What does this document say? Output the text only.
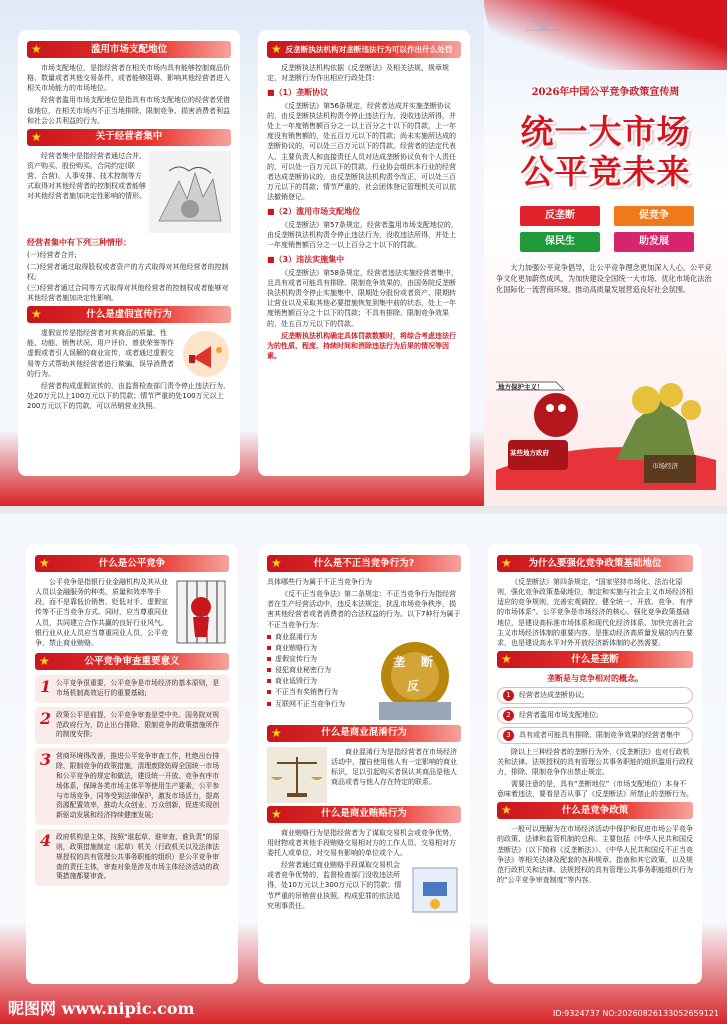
★	滥用市场支配地位

市场支配地位，是指经营者在相关市场内具有能够控制商品价格、数量或者其他交易条件，或者能够阻碍、影响其他经营者进入相关市场能力的市场地位。

经营者滥用市场支配地位是指具有市场支配地位的经营者凭借该地位，在相关市场内不正当地排除、限制竞争、损害消费者利益和社会公共利益的行为。

★	关于经营者集中

经营者集中是指经营者通过合并、资产购买、股份购买、合同约定(联营、合营)、人事安排、技术控制等方式取得对其他经营者的控制权或者能够对其他经营者施加决定性影响的情形。

经营者集中有下列三种情形：
(一)经营者合并;
(二)经营者通过取得股权或者资产的方式取得对其他经营者的控制权;
(三)经营者通过合同等方式取得对其他经营者的控制权或者能够对其他经营者施加决定性影响。
★	什么是虚假宣传行为

虚假宣传是指经营者对其商品的质量、性能、功能、销售状况、用户评价、曾获荣誉等作虚假或者引人误解的商业宣传，或者通过虚假交易等方式帮助其他经营者进行欺骗、误导消费者的行为。

经营者构成虚假宣传的，由监督检查部门责令停止违法行为，处20万元以上100万元以下的罚款；情节严重的处100万元以上200万元以下的罚款，可以吊销营业执照。

★ 反垄断执法机构对垄断违法行为可以作出什么处罚

反垄断执法机构依据《反垄断法》及相关法规、规章规定，对垄断行为作出相应行政处罚：

■（1）垄断协议

《反垄断法》第56条规定，经营者达成并实施垄断协议的，由反垄断执法机构责令停止违法行为，没收违法所得，并处上一年度销售额百分之一以上百分之十以下的罚款，上一年度没有销售额的，处五百万元以下的罚款；尚未实施所达成的垄断协议的，可以处三百万元以下的罚款。经营者的法定代表人、主要负责人和直接责任人员对达成垄断协议负有个人责任的，可以处一百万元以下的罚款。行业协会组织本行业的经营者达成垄断协议的，由反垄断执法机构责令改正，可以处三百万元以下的罚款；情节严重的，社会团体登记管理机关可以依法撤销登记。

■（2）滥用市场支配地位

《反垄断法》第57条规定，经营者滥用市场支配地位的，由反垄断执法机构责令停止违法行为，没收违法所得，并处上一年度销售额百分之一以上百分之十以下的罚款。

■（3）违法实施集中

《反垄断法》第58条规定，经营者违法实施经营者集中，且具有或者可能具有排除、限制竞争效果的，由国务院反垄断执法机构责令停止实施集中、限期处分股份或者资产、限期转让营业以及采取其他必要措施恢复到集中前的状态，处上一年度销售额百分之十以下的罚款；不具有排除、限制竞争效果的，处五百万元以下的罚款。

反垄断执法机构确定具体罚款数额时，将综合考虑违法行为的性质、程度、持续时间和消除违法行为后果的情况等因素。

2026年中国公平竞争政策宣传周
统一大市场
公平竞未来
反垄断	促竞争
保民生	助发展
大力加强公平竞争倡导，让公平竞争理念更加深入人心，公平竞争文化更加蔚然成风，为加快建设全国统一大市场、优化市场化法治化国际化一流营商环境、推动高质量发展营造良好社会氛围。
地方保护主义！
某些地方政府
市场经济
★	什么是公平竞争

公平竞争是指银行业金融机构及其从业人员以金融服务的种类、质量和效率等手段，而不是靠低价销售、贬低对手、虚假宣传等不正当竞争方式。同时，应当尊重同业人员，共同建立合作共赢的良好行业风气。银行业从业人员应当尊重同业人员，公平竞争，禁止商业贿赂。

★	公平竞争审查重要意义
1 公平竞争很重要，公平竞争是市场经济的基本原则，是市场机制高效运行的重要基础;
2 政策公平是前提，公平竞争审查是党中央、国务院对规范政府行为，防止出台排除、限制竞争的政策措施所作的制度安排;
3 营商环境得改善，推进公平竞争审查工作，杜绝出台排除、限制竞争的政策措施，清理废除妨碍全国统一市场和公平竞争的规定和做法，建设统一开放、竞争有序市场体系，保障各类市场主体平等使用生产要素，公平参与市场竞争，同等受到法律保护，激发市场活力，提高资源配置效率，推动大众创业、万众创新，促进实现创新驱动发展和经济持续健康发展;
4 政府机构是主体，按照“谁起草、谁审查、谁负责”的原则，政策措施制定（起草）机关（行政机关以及法律法规授权的具有管理公共事务职能的组织）是公平竞争审查的责任主体，审查对象是涉及市场主体经济活动的政策措施都要审查。
★	什么是不正当竞争行为?

具体哪些行为属于不正当竞争行为

《反不正当竞争法》第二条规定：不正当竞争行为指经营者在生产经营活动中，违反本法规定，扰乱市场竞争秩序，损害其他经营者或者消费者的合法权益的行为。以下7种行为属于不正当竞争行为：

商业混淆行为
商业贿赂行为
虚假宣传行为
侵犯商业秘密行为
商业诋毁行为
不正当有奖销售行为
互联网不正当竞争行为
垄 断
反
★	什么是商业混淆行为

商业混淆行为是指经营者在市场经济活动中，擅自使用他人有一定影响的商业标识，足以引起购买者误认其商品是他人商品或者与他人存在特定的联系。

★	什么是商业贿赂行为

商业贿赂行为是指经营者为了谋取交易机会或竞争优势，用财物或者其他手段贿赂交易相对方的工作人员、交易相对方委托人或单位、对交易有影响的单位或个人。

经营者通过商业贿赂手段谋取交易机会或者竞争优势的，监督检查部门没收违法所得，处10万元以上300万元以下的罚款；情节严重的吊销营业执照。构成犯罪的依法追究刑事责任。

★ 为什么要强化竞争政策基础地位

《反垄断法》第四条规定，“国家坚持市场化、法治化原则，强化竞争政策基础地位，制定和实施与社会主义市场经济相适应的竞争规则，完善宏观调控，健全统一、开放、竞争、有序的市场体系”。公平竞争是市场经济的核心。强化竞争政策基础地位，是建设高标准市场体系和现代化经济体系、加快完善社会主义市场经济体制的重要内容，是推动经济高质量发展的内在要求，也是建设高水平对外开放经济新体制的必然需要。

★	什么是垄断
垄断是与竞争相对的概念。
1	经营者达成垄断协议;
2	经营者滥用市场支配地位;
3	具有或者可能具有排除、限制竞争效果的经营者集中

除以上三种经营者的垄断行为外，《反垄断法》也对行政机关和法律、法规授权的具有管理公共事务职能的组织滥用行政权力，排除、限制竞争作出禁止规定。

需要注意的是，具有“垄断地位”（市场支配地位）本身不意味着违法，要看是否从事了《反垄断法》所禁止的垄断行为。

★	什么是竞争政策

一般可以理解为在市场经济活动中保护和促进市场公平竞争的政策、法律和监管机制的总称。主要包括《中华人民共和国反垄断法》（以下简称《反垄断法》）、《中华人民共和国反不正当竞争法》等相关法律及配套的各种规章、指南和其它政策，以及规范行政机关和法律、法规授权的具有管理公共事务职能组织行为的“公平竞争审查制度”等内容。

昵图网 www.nipic.com	ID:9324737 NO:20260826133052659121
